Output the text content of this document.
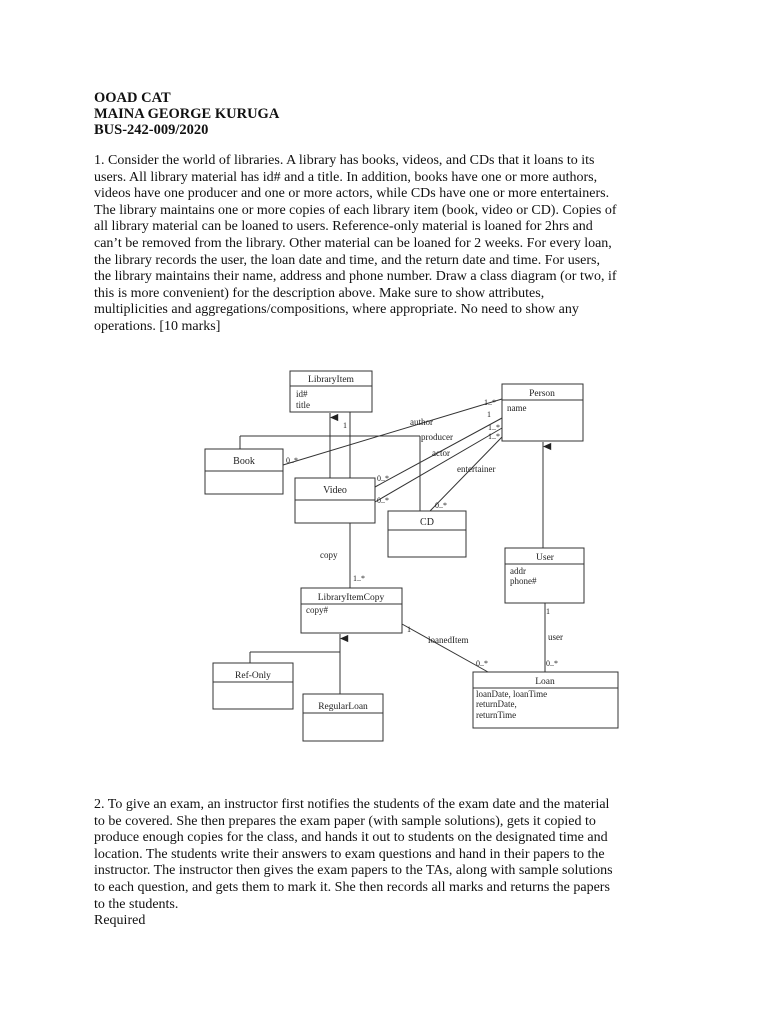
OOAD CAT
MAINA GEORGE KURUGA
BUS-242-009/2020
1. Consider the world of libraries. A library has books, videos, and CDs that it loans to its
users. All library material has id# and a title. In addition, books have one or more authors,
videos have one producer and one or more actors, while CDs have one or more entertainers.
The library maintains one or more copies of each library item (book, video or CD). Copies of
all library material can be loaned to users. Reference-only material is loaned for 2hrs and
can’t be removed from the library. Other material can be loaned for 2 weeks. For every loan,
the library records the user, the loan date and time, and the return date and time. For users,
the library maintains their name, address and phone number. Draw a class diagram (or two, if
this is more convenient) for the description above. Make sure to show attributes,
multiplicities and aggregations/compositions, where appropriate. No need to show any
operations. [10 marks]
LibraryItem
Person
Book
Video
CD
User
LibraryItemCopy
Ref-Only
RegularLoan
Loan
id#
title	name
addr
phone#
copy#
loanDate, loanTime
returnDate,
returnTime
author
producer
actor
entertainer
copy
loanedItem	user
1
1..*
1
1..*
1..*
0..*
0..*
0..*
0..*
1..*
1
0..*
1
0..*
2. To give an exam, an instructor first notifies the students of the exam date and the material
to be covered. She then prepares the exam paper (with sample solutions), gets it copied to
produce enough copies for the class, and hands it out to students on the designated time and
location. The students write their answers to exam questions and hand in their papers to the
instructor. The instructor then gives the exam papers to the TAs, along with sample solutions
to each question, and gets them to mark it. She then records all marks and returns the papers
to the students.
Required
